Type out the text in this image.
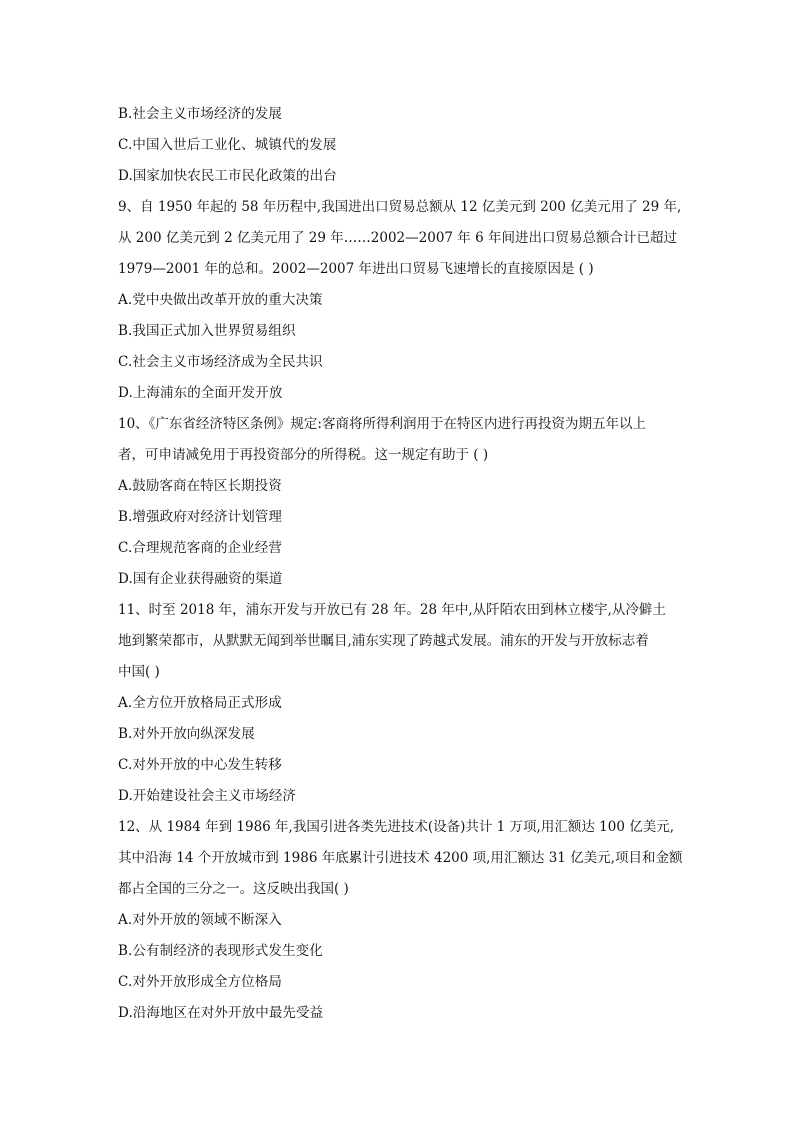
B.社会主义市场经济的发展
C.中国入世后工业化、城镇代的发展
D.国家加快农民工市民化政策的出台
9、自 1950 年起的 58 年历程中,我国进出口贸易总额从 12 亿美元到 200 亿美元用了 29 年,
从 200 亿美元到 2 亿美元用了 29 年……2002—2007 年 6 年间进出口贸易总额合计已超过
1979—2001 年的总和。2002—2007 年进出口贸易飞速增长的直接原因是 ( )
A.党中央做出改革开放的重大决策
B.我国正式加入世界贸易组织
C.社会主义市场经济成为全民共识
D.上海浦东的全面开发开放
10、《广东省经济特区条例》规定:客商将所得利润用于在特区内进行再投资为期五年以上
者，可申请减免用于再投资部分的所得税。这一规定有助于 ( )
A.鼓励客商在特区长期投资
B.增强政府对经济计划管理
C.合理规范客商的企业经营
D.国有企业获得融资的渠道
11、时至 2018 年，浦东开发与开放已有 28 年。28 年中,从阡陌农田到林立楼宇,从冷僻土
地到繁荣都市，从默默无闻到举世瞩目,浦东实现了跨越式发展。浦东的开发与开放标志着
中国( )
A.全方位开放格局正式形成
B.对外开放向纵深发展
C.对外开放的中心发生转移
D.开始建设社会主义市场经济
12、从 1984 年到 1986 年,我国引进各类先进技术(设备)共计 1 万项,用汇额达 100 亿美元,
其中沿海 14 个开放城市到 1986 年底累计引进技术 4200 项,用汇额达 31 亿美元,项目和金额
都占全国的三分之一。这反映出我国( )
A.对外开放的领域不断深入
B.公有制经济的表现形式发生变化
C.对外开放形成全方位格局
D.沿海地区在对外开放中最先受益
